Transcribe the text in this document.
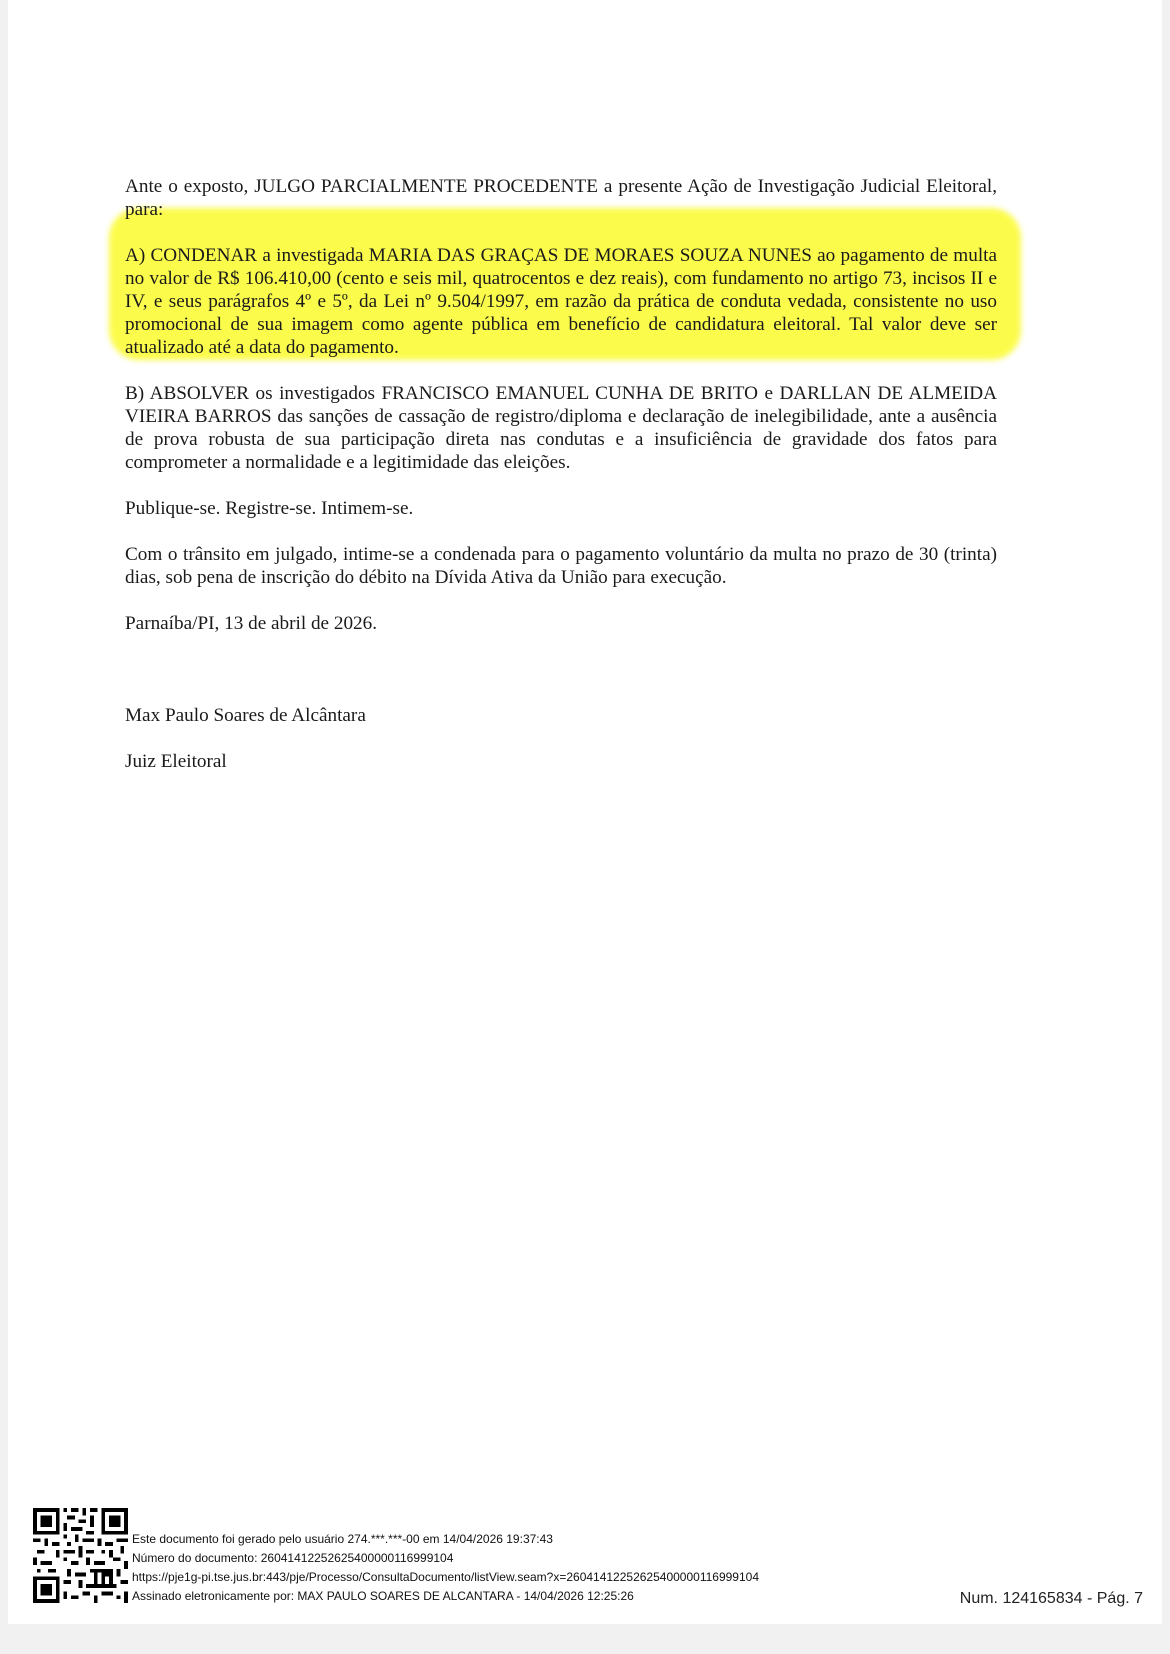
Ante o exposto, JULGO PARCIALMENTE PROCEDENTE a presente Ação de Investigação Judicial Eleitoral, para:

A) CONDENAR a investigada MARIA DAS GRAÇAS DE MORAES SOUZA NUNES ao pagamento de multa no valor de R$ 106.410,00 (cento e seis mil, quatrocentos e dez reais), com fundamento no artigo 73, incisos II e IV, e seus parágrafos 4º e 5º, da Lei nº 9.504/1997, em razão da prática de conduta vedada, consistente no uso promocional de sua imagem como agente pública em benefício de candidatura eleitoral. Tal valor deve ser atualizado até a data do pagamento.

B) ABSOLVER os investigados FRANCISCO EMANUEL CUNHA DE BRITO e DARLLAN DE ALMEIDA VIEIRA BARROS das sanções de cassação de registro/diploma e declaração de inelegibilidade, ante a ausência de prova robusta de sua participação direta nas condutas e a insuficiência de gravidade dos fatos para comprometer a normalidade e a legitimidade das eleições.

Publique-se. Registre-se. Intimem-se.

Com o trânsito em julgado, intime-se a condenada para o pagamento voluntário da multa no prazo de 30 (trinta) dias, sob pena de inscrição do débito na Dívida Ativa da União para execução.

Parnaíba/PI, 13 de abril de 2026.

Max Paulo Soares de Alcântara

Juiz Eleitoral

Este documento foi gerado pelo usuário 274.***.***-00 em 14/04/2026 19:37:43
Número do documento: 26041412252625400000116999104
https://pje1g-pi.tse.jus.br:443/pje/Processo/ConsultaDocumento/listView.seam?x=26041412252625400000116999104
Assinado eletronicamente por: MAX PAULO SOARES DE ALCANTARA - 14/04/2026 12:25:26	Num. 124165834 - Pág. 7
